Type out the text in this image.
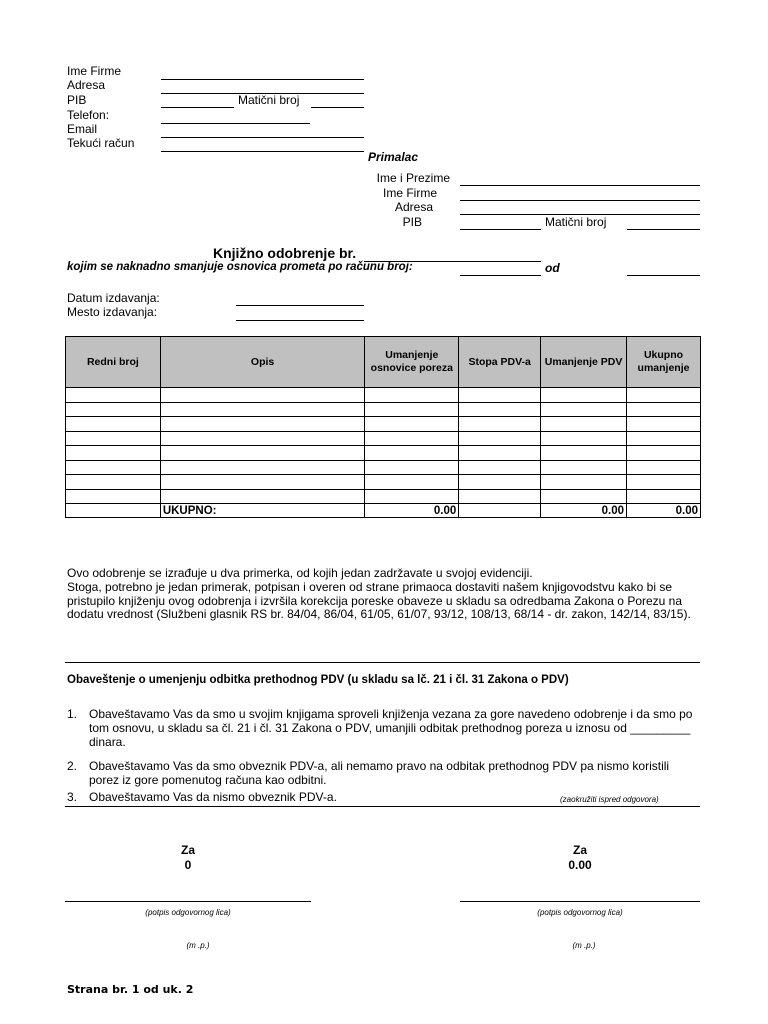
Ime Firme
Adresa
PIB	Matični broj
Telefon:
Email
Tekući račun
Primalac
Ime i Prezime
Ime Firme
Adresa
PIB	Matični broj
Knjižno odobrenje br.
kojim se naknadno smanjuje osnovica prometa po računu broj:	od
Datum izdavanja:
Mesto izdavanja:
Redni broj	Opis	Umanjenje osnovice poreza	Stopa PDV-a	Umanjenje PDV	Ukupno umanjenje

	UKUPNO:	0.00		0.00	0.00
Ovo odobrenje se izrađuje u dva primerka, od kojih jedan zadržavate u svojoj evidenciji.
Stoga, potrebno je jedan primerak, potpisan i overen od strane primaoca dostaviti našem knjigovodstvu kako bi se pristupilo knjiženju ovog odobrenja i izvršila korekcija poreske obaveze u skladu sa odredbama Zakona o Porezu na dodatu vrednost (Službeni glasnik RS br. 84/04, 86/04, 61/05, 61/07, 93/12, 108/13, 68/14 - dr. zakon, 142/14, 83/15).
Obaveštenje o umenjenju odbitka prethodnog PDV (u skladu sa lč. 21 i čl. 31 Zakona o PDV)
1. Obaveštavamo Vas da smo u svojim knjigama sproveli knjiženja vezana za gore navedeno odobrenje i da smo po tom osnovu, u skladu sa čl. 21 i čl. 31 Zakona o PDV, umanjili odbitak prethodnog poreza u iznosu od _________ dinara.
2. Obaveštavamo Vas da smo obveznik PDV-a, ali nemamo pravo na odbitak prethodnog PDV pa nismo koristili porez iz gore pomenutog računa kao odbitni.
3. Obaveštavamo Vas da nismo obveznik PDV-a.	(zaokružiti ispred odgovora)
Za
0
Za
0.00
(potpis odgovornog lica)	(potpis odgovornog lica)
(m .p.)	(m .p.)
Strana br. 1 od uk. 2
